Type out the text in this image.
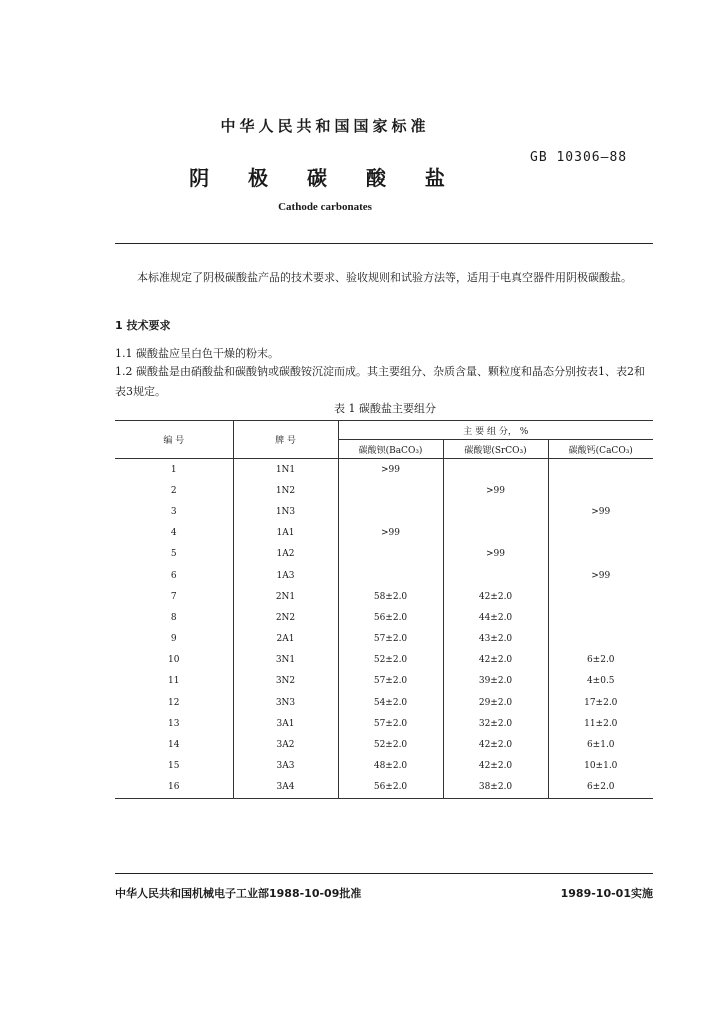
中华人民共和国国家标准
GB 10306—88
阴 极 碳 酸 盐
Cathode carbonates
本标准规定了阴极碳酸盐产品的技术要求、验收规则和试验方法等，适用于电真空器件用阴极碳酸盐。
1 技术要求
1.1 碳酸盐应呈白色干燥的粉末。
1.2 碳酸盐是由硝酸盐和碳酸钠或碳酸铵沉淀而成。其主要组分、杂质含量、颗粒度和晶态分别按表1、表2和表3规定。
表 1 碳酸盐主要组分
编 号	牌 号	主 要 组 分， %		
		碳酸钡(BaCO₃)	碳酸锶(SrCO₃)	碳酸钙(CaCO₃)
1	1N1	>99		
2	1N2		>99	
3	1N3			>99
4	1A1	>99		
5	1A2		>99	
6	1A3			>99
7	2N1	58±2.0	42±2.0	
8	2N2	56±2.0	44±2.0	
9	2A1	57±2.0	43±2.0	
10	3N1	52±2.0	42±2.0	6±2.0
11	3N2	57±2.0	39±2.0	4±0.5
12	3N3	54±2.0	29±2.0	17±2.0
13	3A1	57±2.0	32±2.0	11±2.0
14	3A2	52±2.0	42±2.0	6±1.0
15	3A3	48±2.0	42±2.0	10±1.0
16	3A4	56±2.0	38±2.0	6±2.0
中华人民共和国机械电子工业部1988-10-09批准	1989-10-01实施
